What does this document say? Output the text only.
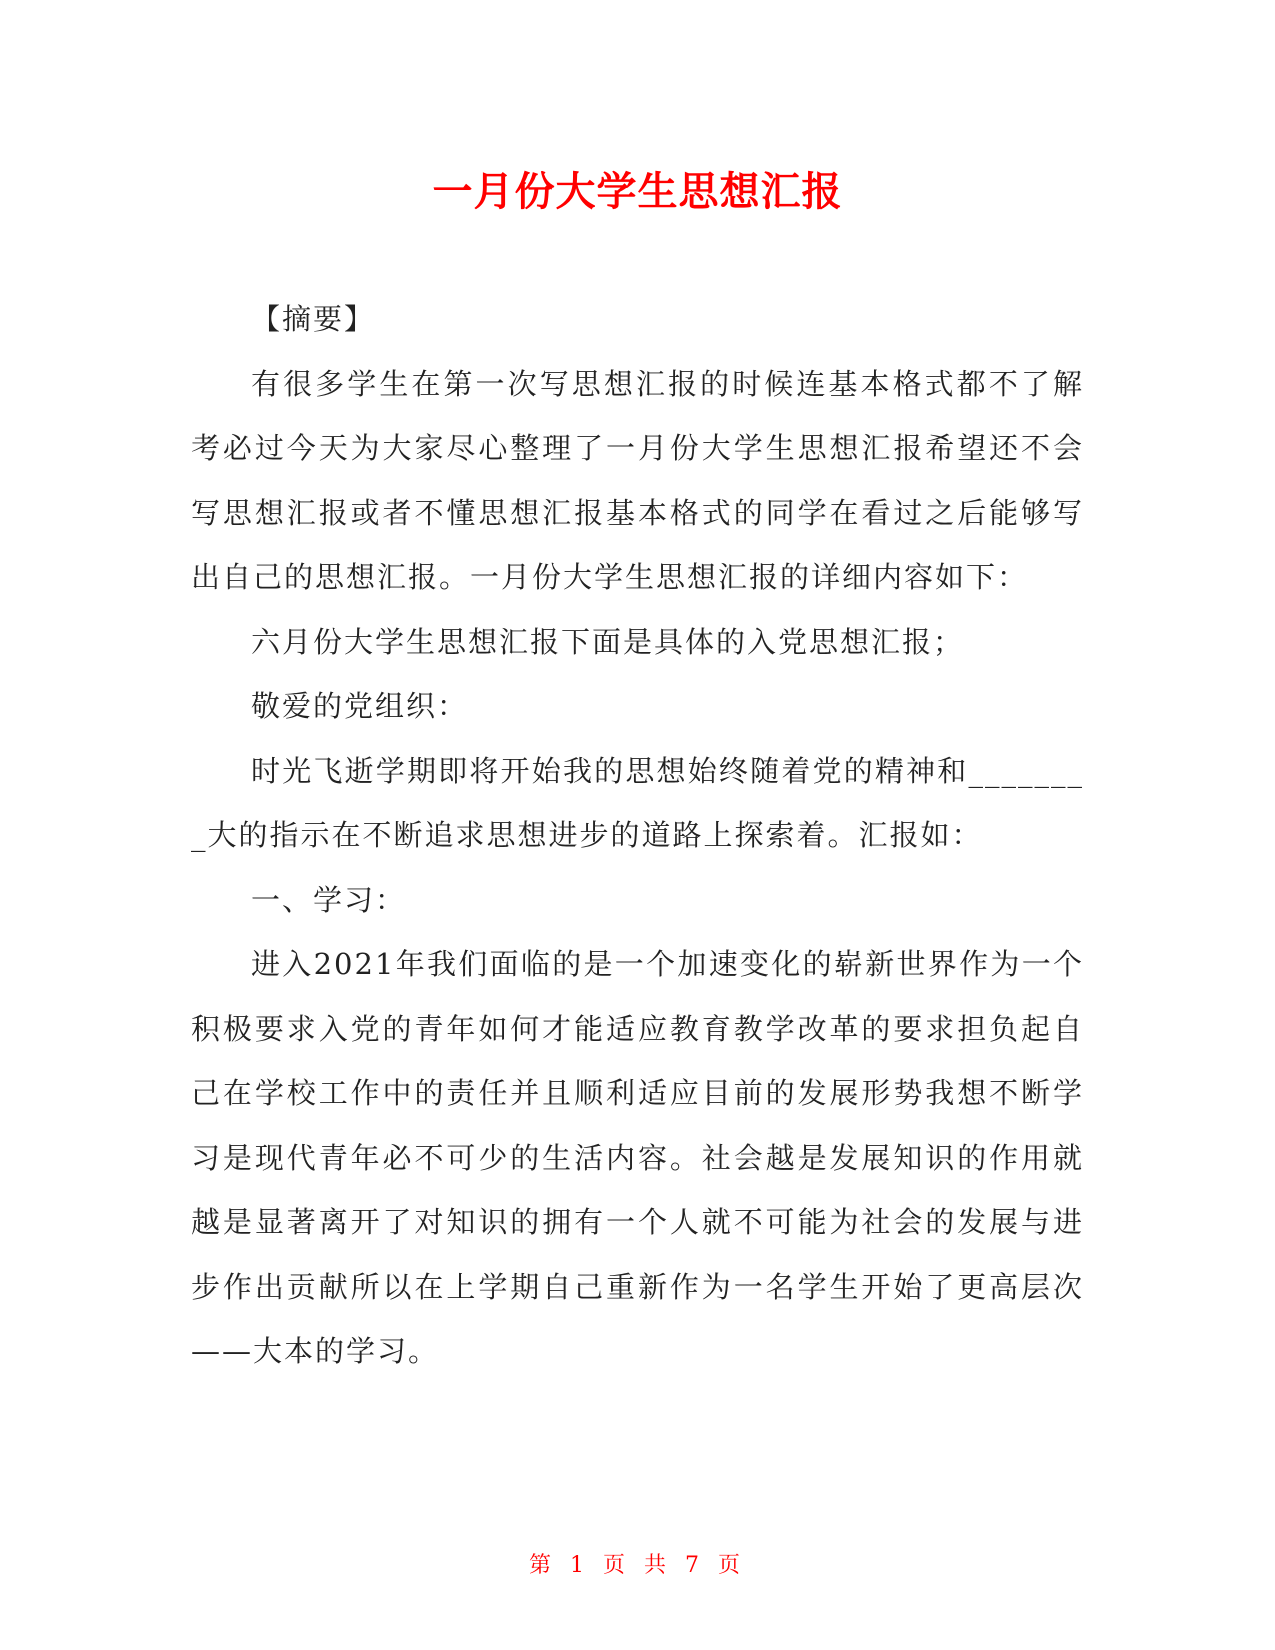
一月份大学生思想汇报

【摘要】

有很多学生在第一次写思想汇报的时候连基本格式都不了解考必过今天为大家尽心整理了一月份大学生思想汇报希望还不会写思想汇报或者不懂思想汇报基本格式的同学在看过之后能够写出自己的思想汇报。一月份大学生思想汇报的详细内容如下：

六月份大学生思想汇报下面是具体的入党思想汇报；

敬爱的党组织：

时光飞逝学期即将开始我的思想始终随着党的精神和________大的指示在不断追求思想进步的道路上探索着。汇报如：

一、学习：

进入2021年我们面临的是一个加速变化的崭新世界作为一个积极要求入党的青年如何才能适应教育教学改革的要求担负起自己在学校工作中的责任并且顺利适应目前的发展形势我想不断学习是现代青年必不可少的生活内容。社会越是发展知识的作用就越是显著离开了对知识的拥有一个人就不可能为社会的发展与进步作出贡献所以在上学期自己重新作为一名学生开始了更高层次——大本的学习。

第 1 页 共 7 页
